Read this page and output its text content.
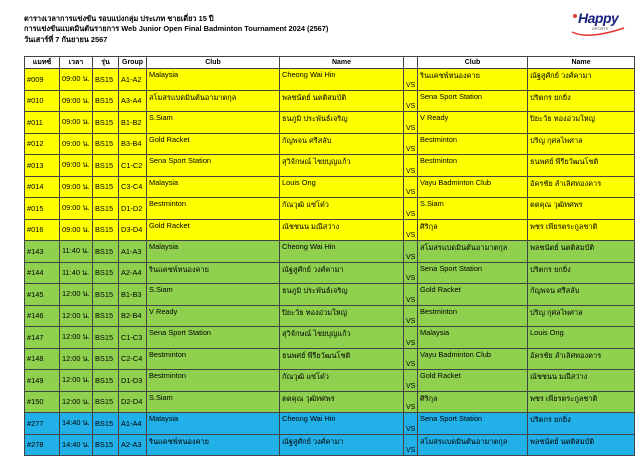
ตารางเวลาการแข่งขัน รอบแบ่งกลุ่ม ประเภท ชายเดี่ยว 15 ปี
การแข่งขันแบดมินตันรายการ Web Junior Open Final Badminton Tournament 2024 (2567)
วันเสาร์ที่ 7 กันยายน 2567
Happy
SPORTS
แมทซ์	เวลา	รุ่น	Group	Club	Name		Club	Name
#009	09:00 น.	BS15	A1-A2	Malaysia	Cheong Wai Hin	VS	รินแคชพ์หนองคาย	ณัฐสูศักย์ วงศ์คามา
#010	09:00 น.	BS15	A3-A4	สโมสรแบดมินตันอามาตกุล	พลชนัตย์ นตติสมบัติ	VS	Sena Sport Station	ปริตกร ยกยิ่ง
#011	09:00 น.	BS15	B1-B2	S.Siam	ธนภูมิ ประพันธ์เจริญ	VS	V Ready	ปิยะวัธ ทองอ่วมใหญ่
#012	09:00 น.	BS15	B3-B4	Gold Racket	กัญพจน ศรีสลับ	VS	Bestminton	ปริญ กุศลไพศาล
#013	09:00 น.	BS15	C1-C2	Sena Sport Station	สุวิจักษณ์ ไชยบุญแก้ว	VS	Bestminton	ธนพศย์ พีรียวัฒนโชติ
#014	09:00 น.	BS15	C3-C4	Malaysia	Louis Ong	VS	Vayu Badminton Club	อัครชัย ลำเลิศทองคาร
#015	09:00 น.	BS15	D1-D2	Bestminton	กัณวุฒิ แซ่โต๋ว	VS	S.Siam	ตตคุณ วุฒิทศพร
#016	09:00 น.	BS15	D3-D4	Gold Racket	ณัชชนน มณีสว่าง	VS	ศิริกุล	พชร เพียรตระกูลชาติ
#143	11:40 น.	BS15	A1-A3	Malaysia	Cheong Wai Hin	VS	สโมสรแบดมินตันอามาตกุล	พลชนัตย์ นตติสมบัติ
#144	11:40 น.	BS15	A2-A4	รินแคชพ์หนองคาย	ณัฐสูศักย์ วงศ์คามา	VS	Sena Sport Station	ปริตกร ยกยิ่ง
#145	12:00 น.	BS15	B1-B3	S.Siam	ธนภูมิ ประพันธ์เจริญ	VS	Gold Racket	กัญพจน ศรีสลับ
#146	12:00 น.	BS15	B2-B4	V Ready	ปิยะวัธ ทองอ่วมใหญ่	VS	Bestminton	ปริญ กุศลไพศาล
#147	12:00 น.	BS15	C1-C3	Sena Sport Station	สุวิจักษณ์ ไชยบุญแก้ว	VS	Malaysia	Louis Ong
#148	12:00 น.	BS15	C2-C4	Bestminton	ธนพศย์ พีรียวัฒนโชติ	VS	Vayu Badminton Club	อัครชัย ลำเลิศทองคาร
#149	12:00 น.	BS15	D1-D3	Bestminton	กัณวุฒิ แซ่โต๋ว	VS	Gold Racket	ณัชชนน มณีสว่าง
#150	12:00 น.	BS15	D2-D4	S.Siam	ตตคุณ วุฒิทศพร	VS	ศิริกุล	พชร เพียรตระกูลชาติ
#277	14:40 น.	BS15	A1-A4	Malaysia	Cheong Wai Hin	VS	Sena Sport Station	ปริตกร ยกยิ่ง
#278	14:40 น.	BS15	A2-A3	รินแคชพ์หนองคาย	ณัฐสูศักย์ วงศ์คามา	VS	สโมสรแบดมินตันอามาตกุล	พลชนัตย์ นตติสมบัติ
